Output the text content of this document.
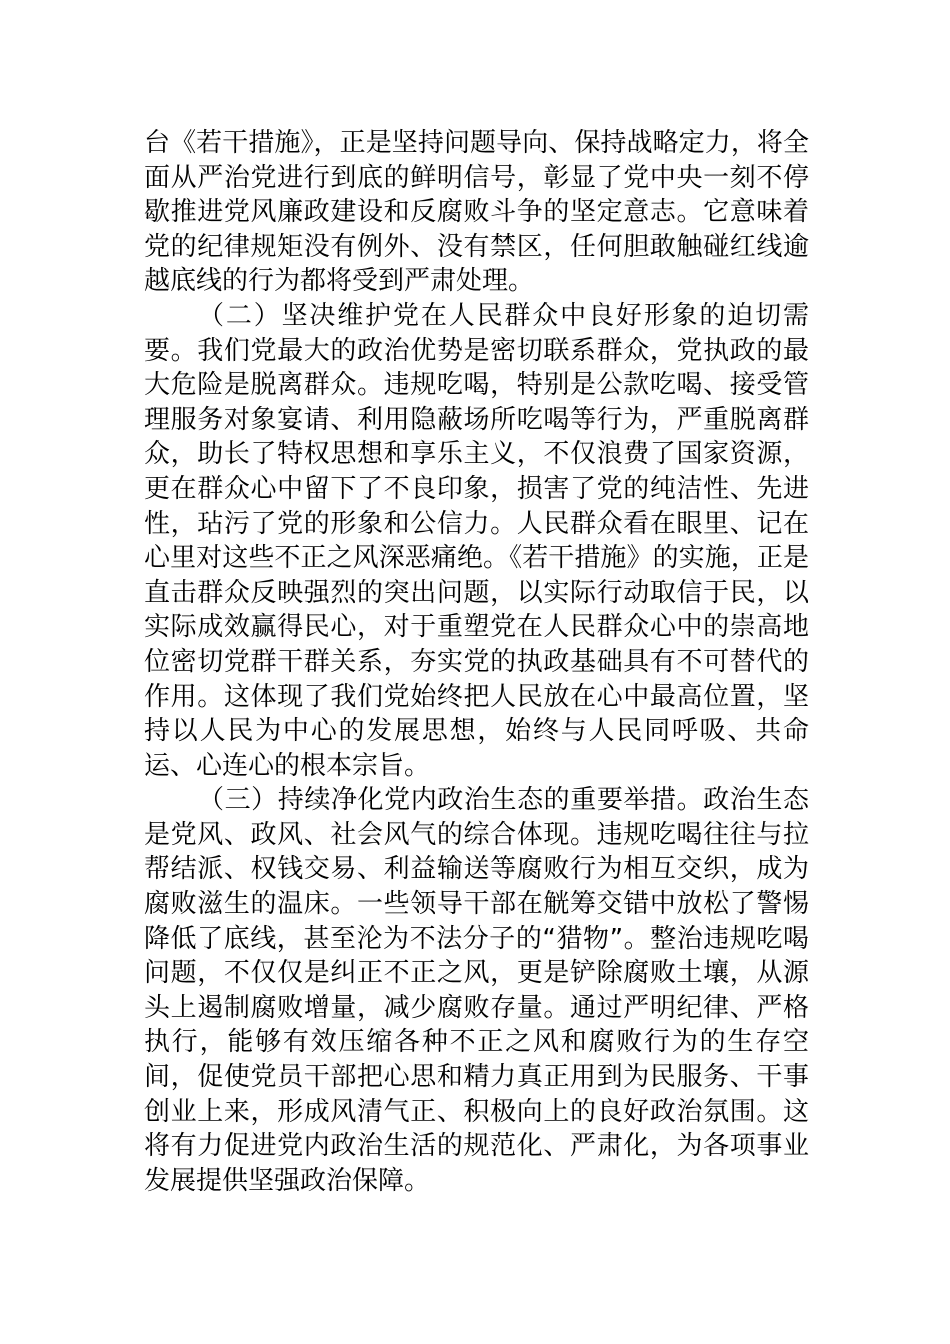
台《若干措施》，正是坚持问题导向、保持战略定力，将全面从严治党进行到底的鲜明信号，彰显了党中央一刻不停歇推进党风廉政建设和反腐败斗争的坚定意志。它意味着党的纪律规矩没有例外、没有禁区，任何胆敢触碰红线逾越底线的行为都将受到严肃处理。

（二）坚决维护党在人民群众中良好形象的迫切需要。我们党最大的政治优势是密切联系群众，党执政的最大危险是脱离群众。违规吃喝，特别是公款吃喝、接受管理服务对象宴请、利用隐蔽场所吃喝等行为，严重脱离群众，助长了特权思想和享乐主义，不仅浪费了国家资源，更在群众心中留下了不良印象，损害了党的纯洁性、先进性，玷污了党的形象和公信力。人民群众看在眼里、记在心里对这些不正之风深恶痛绝。《若干措施》的实施，正是直击群众反映强烈的突出问题，以实际行动取信于民，以实际成效赢得民心，对于重塑党在人民群众心中的崇高地位密切党群干群关系，夯实党的执政基础具有不可替代的作用。这体现了我们党始终把人民放在心中最高位置，坚持以人民为中心的发展思想，始终与人民同呼吸、共命运、心连心的根本宗旨。

（三）持续净化党内政治生态的重要举措。政治生态是党风、政风、社会风气的综合体现。违规吃喝往往与拉帮结派、权钱交易、利益输送等腐败行为相互交织，成为腐败滋生的温床。一些领导干部在觥筹交错中放松了警惕降低了底线，甚至沦为不法分子的“猎物”。整治违规吃喝问题，不仅仅是纠正不正之风，更是铲除腐败土壤，从源头上遏制腐败增量，减少腐败存量。通过严明纪律、严格执行，能够有效压缩各种不正之风和腐败行为的生存空间，促使党员干部把心思和精力真正用到为民服务、干事创业上来，形成风清气正、积极向上的良好政治氛围。这将有力促进党内政治生活的规范化、严肃化，为各项事业发展提供坚强政治保障。
